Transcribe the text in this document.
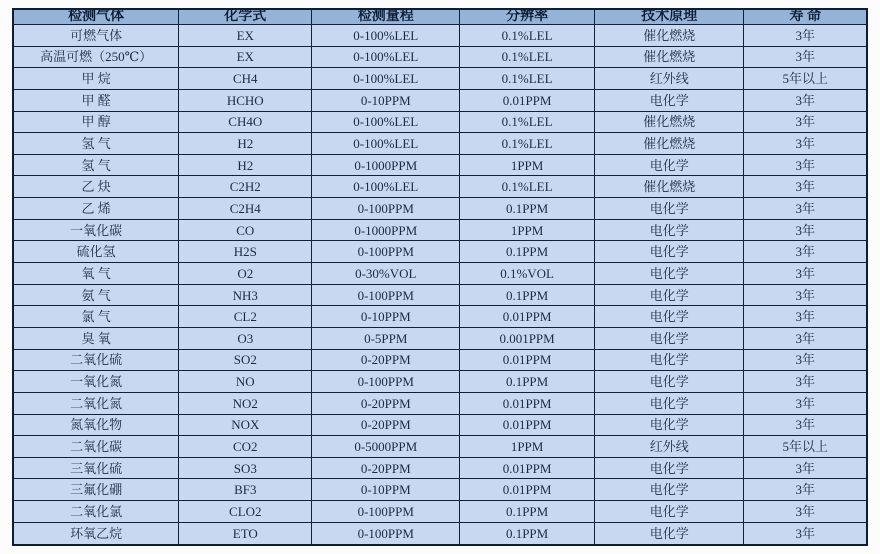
检测气体	化学式	检测量程	分辨率	技术原理	寿 命
可燃气体	EX	0-100%LEL	0.1%LEL	催化燃烧	3年
高温可燃（250℃）	EX	0-100%LEL	0.1%LEL	催化燃烧	3年
甲 烷	CH4	0-100%LEL	0.1%LEL	红外线	5年以上
甲 醛	HCHO	0-10PPM	0.01PPM	电化学	3年
甲 醇	CH4O	0-100%LEL	0.1%LEL	催化燃烧	3年
氢 气	H2	0-100%LEL	0.1%LEL	催化燃烧	3年
氢 气	H2	0-1000PPM	1PPM	电化学	3年
乙 炔	C2H2	0-100%LEL	0.1%LEL	催化燃烧	3年
乙 烯	C2H4	0-100PPM	0.1PPM	电化学	3年
一氧化碳	CO	0-1000PPM	1PPM	电化学	3年
硫化氢	H2S	0-100PPM	0.1PPM	电化学	3年
氧 气	O2	0-30%VOL	0.1%VOL	电化学	3年
氨 气	NH3	0-100PPM	0.1PPM	电化学	3年
氯 气	CL2	0-10PPM	0.01PPM	电化学	3年
臭 氧	O3	0-5PPM	0.001PPM	电化学	3年
二氧化硫	SO2	0-20PPM	0.01PPM	电化学	3年
一氧化氮	NO	0-100PPM	0.1PPM	电化学	3年
二氧化氮	NO2	0-20PPM	0.01PPM	电化学	3年
氮氧化物	NOX	0-20PPM	0.01PPM	电化学	3年
二氧化碳	CO2	0-5000PPM	1PPM	红外线	5年以上
三氧化硫	SO3	0-20PPM	0.01PPM	电化学	3年
三氟化硼	BF3	0-10PPM	0.01PPM	电化学	3年
二氧化氯	CLO2	0-100PPM	0.1PPM	电化学	3年
环氧乙烷	ETO	0-100PPM	0.1PPM	电化学	3年
